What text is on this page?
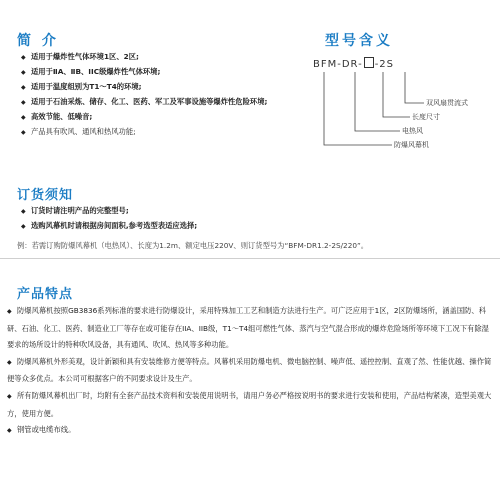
简 介
◆ 适用于爆炸性气体环境1区、2区;
◆ 适用于ⅡA、ⅡB、IIC级爆炸性气体环境;
◆ 适用于温度组别为T1～T4的环境;
◆ 适用于石油采炼、储存、化工、医药、军工及军事设施等爆炸性危险环境;
◆ 高效节能、低噪音;
◆ 产品具有吹风、通风和热风功能;
型号含义
BFM-DR- -2S
双风扇贯流式
长度尺寸
电热风
防爆风幕机
订货须知
◆ 订货时请注明产品的完整型号;
◆ 选购风幕机时请根据房间面积,参考选型表适应选择;
例：若需订购防爆风幕机（电热风）、长度为1.2m、额定电压220V、则订货型号为“BFM-DR1.2-2S/220”。
产品特点
◆ 防爆风幕机按照GB3836系列标准的要求进行防爆设计，采用特殊加工工艺和制造方法进行生产。可广泛应用于1区，2区防爆场所，涵盖国防、科研、石油、化工、医药、制造业工厂等存在或可能存在IIA、IIB级，T1～T4组可燃性气体、蒸汽与空气混合形成的爆炸危险场所等环境下工况下有除湿要求的场所设计的特种吹风设备，具有通风、吹风、热风等多种功能。
◆ 防爆风幕机外形美观，设计新颖和具有安装维修方便等特点。风幕机采用防爆电机、微电脑控制、噪声低、遥控控制、直观了然、性能优越、操作简便等众多优点。本公司可根据客户的不同要求设计及生产。
◆ 所有防爆风幕机出厂时，均附有全套产品技术资料和安装使用说明书，请用户务必严格按说明书的要求进行安装和使用，产品结构紧凑，造型美观大方，使用方便。
◆ 钢管或电缆布线。
